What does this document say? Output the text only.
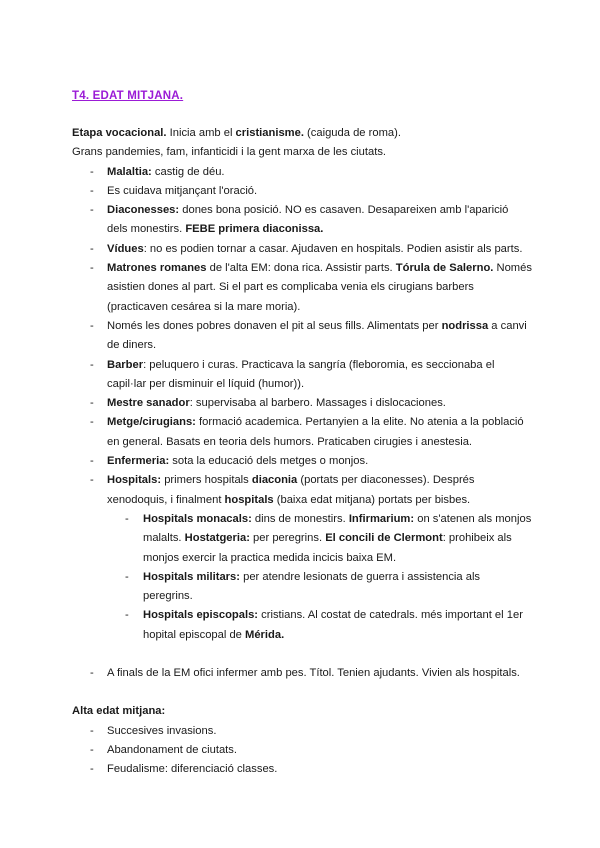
T4. EDAT MITJANA.

Etapa vocacional. Inicia amb el cristianisme. (caiguda de roma).

Grans pandemies, fam, infanticidi i la gent marxa de les ciutats.

- Malaltia: castig de déu.
- Es cuidava mitjançant l'oració.
- Diaconesses: dones bona posició. NO es casaven. Desapareixen amb l'aparició dels monestirs. FEBE primera diaconissa.
- Vídues: no es podien tornar a casar. Ajudaven en hospitals. Podien asistir als parts.
- Matrones romanes de l'alta EM: dona rica. Assistir parts. Tórula de Salerno. Només asistien dones al part. Si el part es complicaba venia els cirugians barbers (practicaven cesárea si la mare moria).
- Només les dones pobres donaven el pit al seus fills. Alimentats per nodrissa a canvi de diners.
- Barber: peluquero i curas. Practicava la sangría (fleboromia, es seccionaba el capil·lar per disminuir el líquid (humor)).
- Mestre sanador: supervisaba al barbero. Massages i dislocaciones.
- Metge/cirugians: formació academica. Pertanyien a la elite. No atenia a la població en general. Basats en teoria dels humors. Praticaben cirugies i anestesia.
- Enfermeria: sota la educació dels metges o monjos.
- Hospitals: primers hospitals diaconia (portats per diaconesses). Després xenodoquis, i finalment hospitals (baixa edat mitjana) portats per bisbes.
- Hospitals monacals: dins de monestirs. Infirmarium: on s'atenen als monjos malalts. Hostatgeria: per peregrins. El concili de Clermont: prohibeix als monjos exercir la practica medida incicis baixa EM.
- Hospitals militars: per atendre lesionats de guerra i assistencia als peregrins.
- Hospitals episcopals: cristians. Al costat de catedrals. més important el 1er hopital episcopal de Mérida.
- A finals de la EM ofici infermer amb pes. Títol. Tenien ajudants. Vivien als hospitals.

Alta edat mitjana:

- Succesives invasions.
- Abandonament de ciutats.
- Feudalisme: diferenciació classes.
